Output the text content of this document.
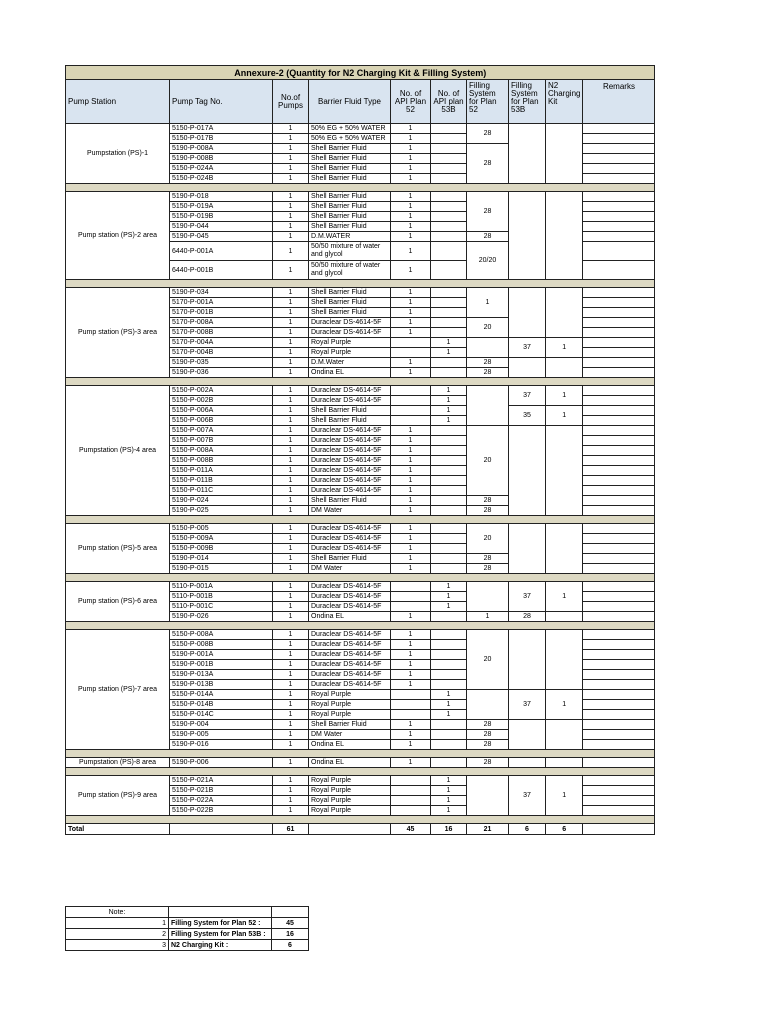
Annexure-2 (Quantity for N2 Charging Kit & Filling System)									
Pump Station	Pump Tag No.	No.of Pumps	Barrier Fluid Type	No. of API Plan 52	No. of API plan 53B	Filling System for Plan 52	Filling System for Plan 53B	N2 Charging Kit	Remarks
Pumpstation (PS)-1	5150-P-017A	1	50% EG + 50% WATER	1		28			
	5150-P-017B	1	50% EG + 50% WATER	1					
	5190-P-008A	1	Shell Barrier Fluid	1		28			
	5190-P-008B	1	Shell Barrier Fluid	1					
	5150-P-024A	1	Shell Barrier Fluid	1					
	5150-P-024B	1	Shell Barrier Fluid	1					

Pump station (PS)-2 area	5190-P-018	1	Shell Barrier Fluid	1		28			
	5150-P-019A	1	Shell Barrier Fluid	1					
	5150-P-019B	1	Shell Barrier Fluid	1					
	5190-P-044	1	Shell Barrier Fluid	1					
	5190-P-045	1	D.M.WATER	1		28			
	6440-P-001A	1	50/50 mixture of water and glycol	1		20/20			
	6440-P-001B	1	50/50 mixture of water and glycol	1					

Pump station (PS)-3 area	5190-P-034	1	Shell Barrier Fluid	1		1			
	5170-P-001A	1	Shell Barrier Fluid	1					
	5170-P-001B	1	Shell Barrier Fluid	1					
	5170-P-008A	1	Duraclear DS-4614-5F	1		20			
	5170-P-008B	1	Duraclear DS-4614-5F	1					
	5170-P-004A	1	Royal Purple		1		37	1	
	5170-P-004B	1	Royal Purple		1				
	5190-P-035	1	D.M.Water	1		28			
	5190-P-036	1	Ondina EL	1		28			

Pumpstation (PS)-4 area	5150-P-002A	1	Duraclear DS-4614-5F		1		37	1	
	5150-P-002B	1	Duraclear DS-4614-5F		1				
	5150-P-006A	1	Shell Barrier Fluid		1		35	1	
	5150-P-006B	1	Shell Barrier Fluid		1				
	5150-P-007A	1	Duraclear DS-4614-5F	1		20			
	5150-P-007B	1	Duraclear DS-4614-5F	1					
	5150-P-008A	1	Duraclear DS-4614-5F	1					
	5150-P-008B	1	Duraclear DS-4614-5F	1					
	5150-P-011A	1	Duraclear DS-4614-5F	1					
	5150-P-011B	1	Duraclear DS-4614-5F	1					
	5150-P-011C	1	Duraclear DS-4614-5F	1					
	5190-P-024	1	Shell Barrier Fluid	1		28			
	5190-P-025	1	DM Water	1		28			

Pump station (PS)-5 area	5150-P-005	1	Duraclear DS-4614-5F	1		20			
	5150-P-009A	1	Duraclear DS-4614-5F	1					
	5150-P-009B	1	Duraclear DS-4614-5F	1					
	5190-P-014	1	Shell Barrier Fluid	1		28			
	5190-P-015	1	DM Water	1		28			

Pump station (PS)-6 area	5110-P-001A	1	Duraclear DS-4614-5F		1		37	1	
	5110-P-001B	1	Duraclear DS-4614-5F		1				
	5110-P-001C	1	Duraclear DS-4614-5F		1				
	5190-P-026	1	Ondina EL	1		1	28		

Pump station (PS)-7 area	5150-P-008A	1	Duraclear DS-4614-5F	1		20			
	5150-P-008B	1	Duraclear DS-4614-5F	1					
	5190-P-001A	1	Duraclear DS-4614-5F	1					
	5190-P-001B	1	Duraclear DS-4614-5F	1					
	5190-P-013A	1	Duraclear DS-4614-5F	1					
	5190-P-013B	1	Duraclear DS-4614-5F	1					
	5150-P-014A	1	Royal Purple		1		37	1	
	5150-P-014B	1	Royal Purple		1				
	5150-P-014C	1	Royal Purple		1				
	5190-P-004	1	Shell Barrier Fluid	1		28			
	5190-P-005	1	DM Water	1		28			
	5190-P-016	1	Ondina EL	1		28			

Pumpstation (PS)-8 area	5190-P-006	1	Ondina EL	1		28			

Pump station (PS)-9 area	5150-P-021A	1	Royal Purple		1		37	1	
	5150-P-021B	1	Royal Purple		1				
	5150-P-022A	1	Royal Purple		1				
	5150-P-022B	1	Royal Purple		1				

Total		61		45	16	21	6	6	
Note:		
1	Filling System for Plan 52 :	45
2	Filling System for Plan 53B :	16
3	N2 Charging Kit :	6
